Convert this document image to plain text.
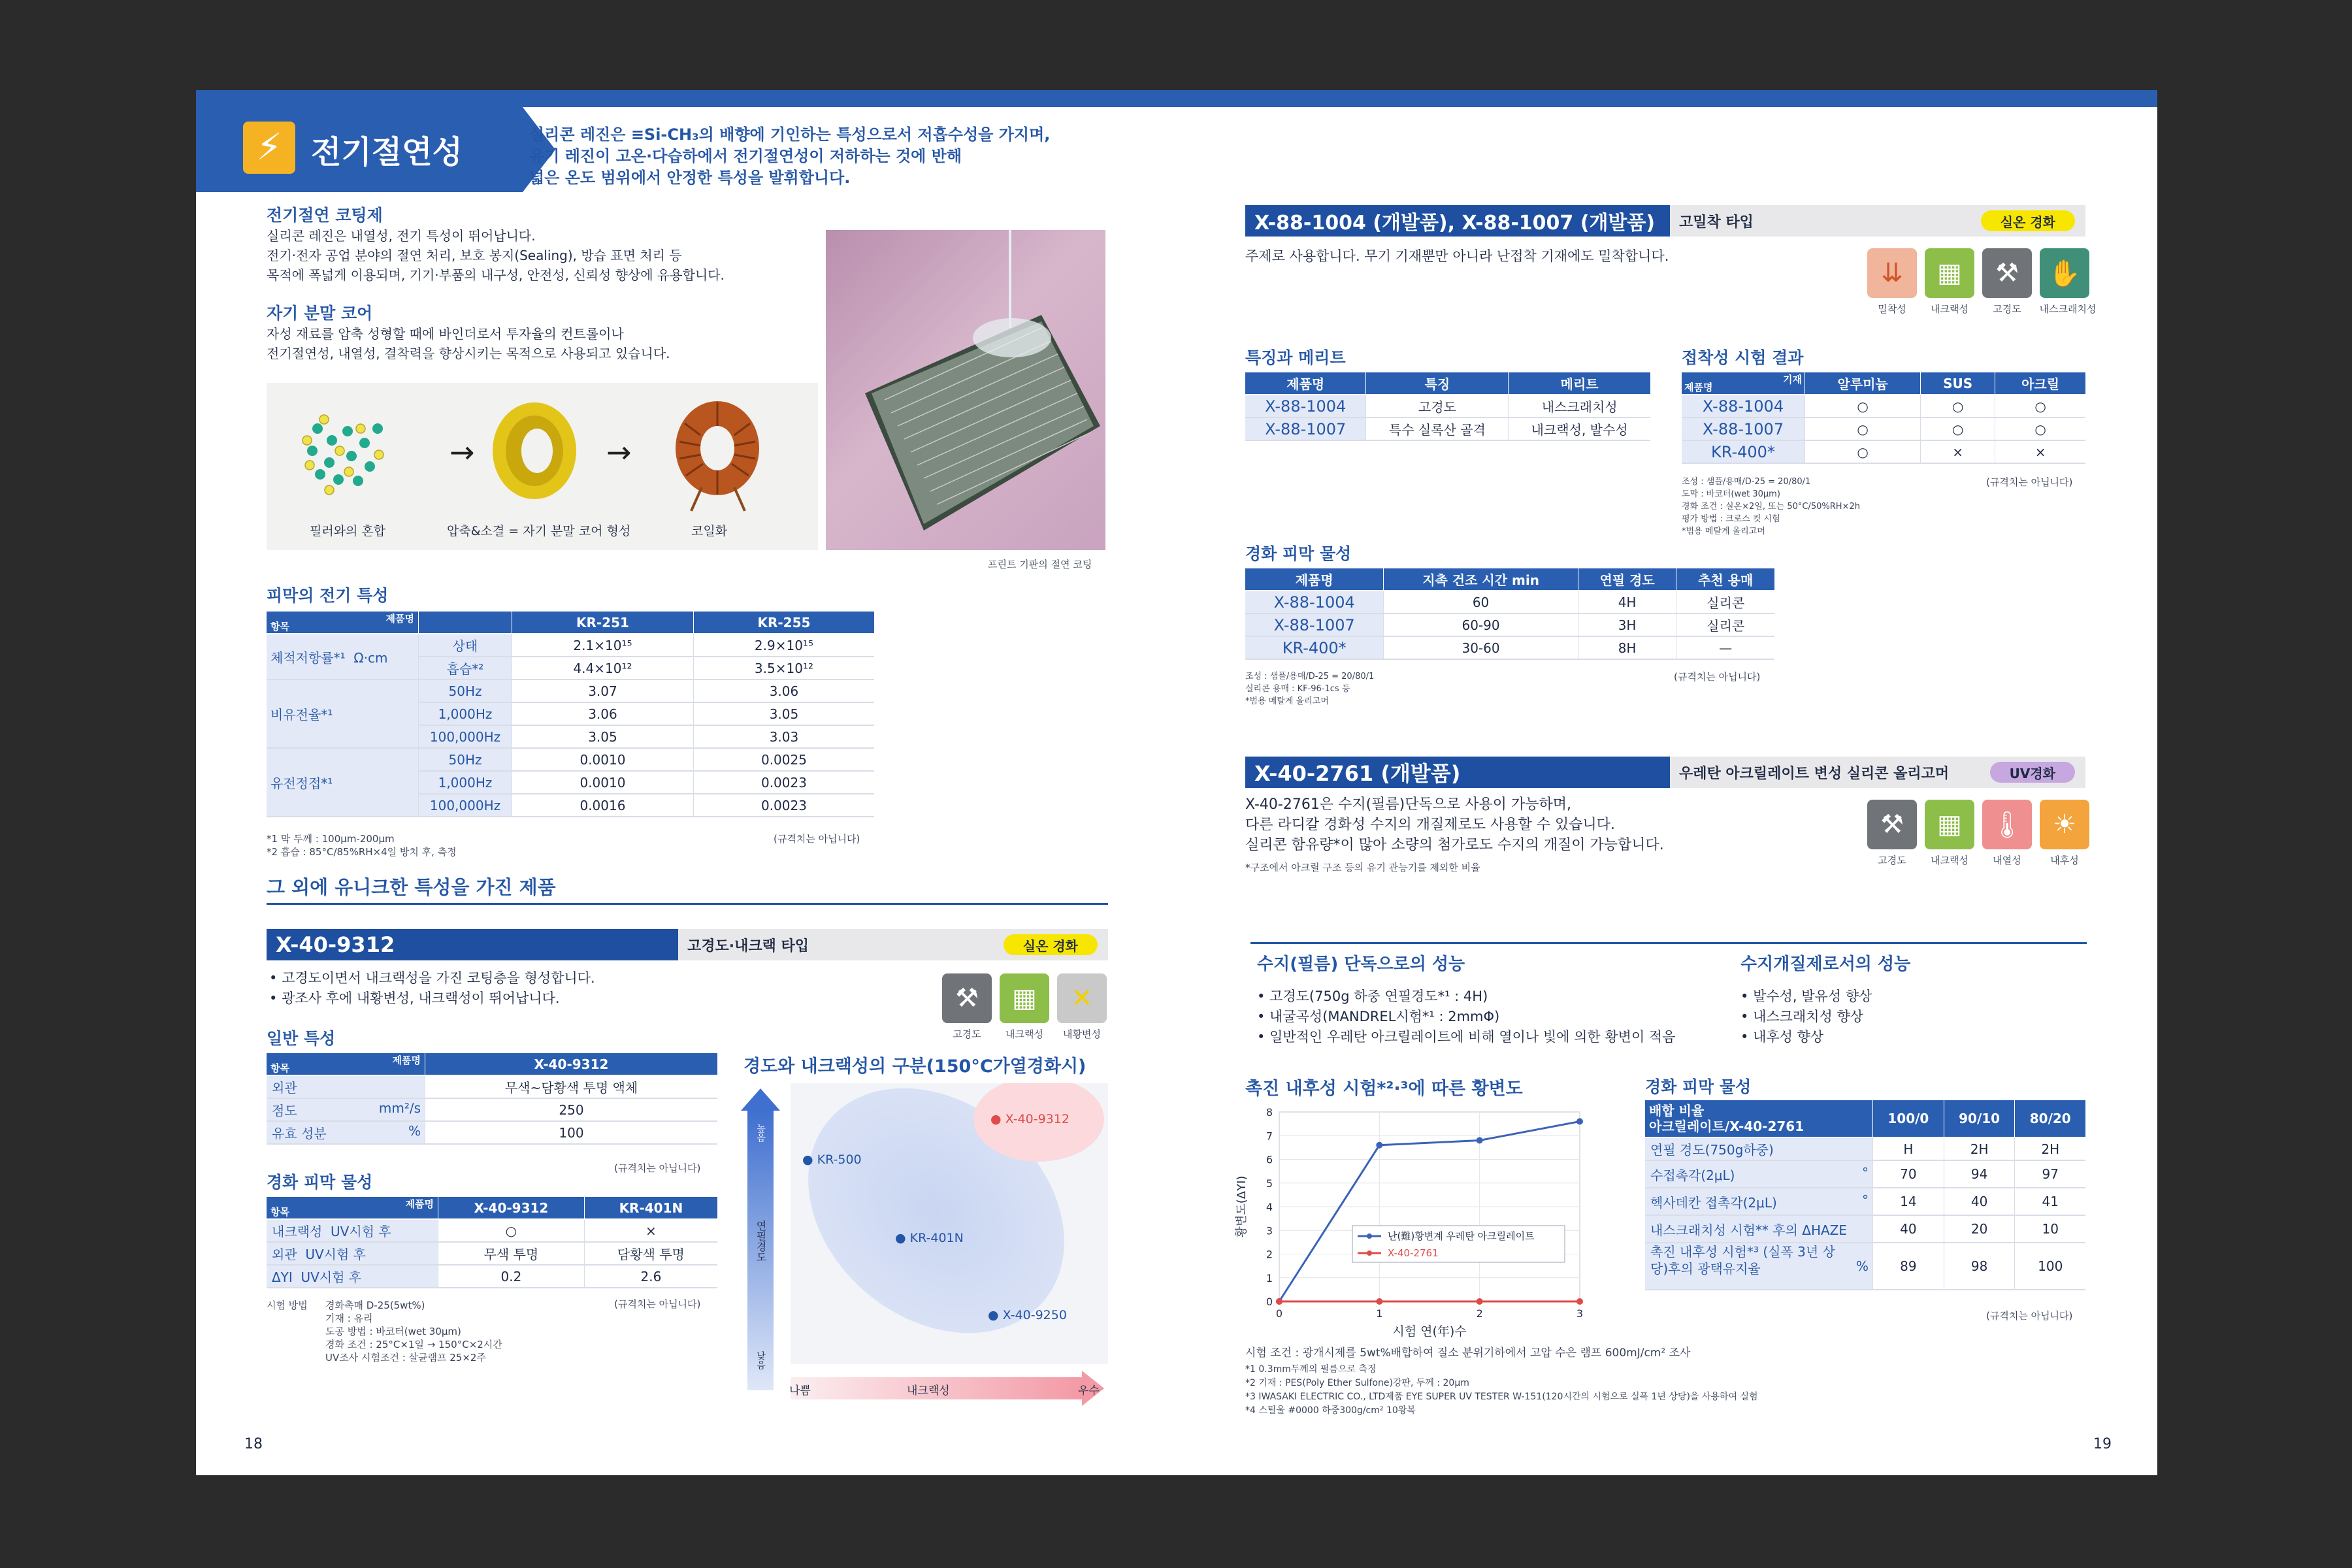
⚡ 전기절연성	실리콘 레진은 ≡Si-CH₃의 배향에 기인하는 특성으로서 저흡수성을 가지며,
유기 레진이 고온·다습하에서 전기절연성이 저하하는 것에 반해
넓은 온도 범위에서 안정한 특성을 발휘합니다.
전기절연 코팅제
실리콘 레진은 내열성, 전기 특성이 뛰어납니다.
전기·전자 공업 분야의 절연 처리, 보호 봉지(Sealing), 방습 표면 처리 등
목적에 폭넓게 이용되며, 기기·부품의 내구성, 안전성, 신뢰성 향상에 유용합니다.
자기 분말 코어
자성 재료를 압축 성형할 때에 바인더로서 투자율의 컨트롤이나
전기절연성, 내열성, 결착력을 향상시키는 목적으로 사용되고 있습니다.
→	→
필러와의 혼합	압축&소결 = 자기 분말 코어 형성	코일화
프린트 기판의 절연 코팅
피막의 전기 특성
항목
제품명		KR-251	KR-255
체적저항률*¹ Ω·cm	상태	2.1×10¹⁵	2.9×10¹⁵
	흡습*²	4.4×10¹²	3.5×10¹²
비유전율*¹	50Hz	3.07	3.06
	1,000Hz	3.06	3.05
	100,000Hz	3.05	3.03
유전정접*¹	50Hz	0.0010	0.0025
	1,000Hz	0.0010	0.0023
	100,000Hz	0.0016	0.0023
*1 막 두께 : 100μm-200μm
*2 흡습 : 85°C/85%RH×4일 방치 후, 측정
(규격치는 아닙니다)
그 외에 유니크한 특성을 가진 제품
X-40-9312	고경도·내크랙 타입	실온 경화
• 고경도이면서 내크랙성을 가진 코팅층을 형성합니다.
• 광조사 후에 내황변성, 내크랙성이 뛰어납니다.	⚒	▦	✕
고경도	내크랙성	내황변성
일반 특성
항목
제품명	X-40-9312
외관	무색~담황색 투명 액체
점도 mm²/s	250
유효 성분 %	100
(규격치는 아닙니다)
경화 피막 물성
항목
제품명	X-40-9312	KR-401N
내크랙성 UV시험 후	○	×
외관 UV시험 후	무색 투명	담황색 투명
ΔYI UV시험 후	0.2	2.6
(규격치는 아닙니다)
시험 방법 경화촉매 D-25(5wt%)
기재 : 유리
도공 방법 : 바코터(wet 30μm)
경화 조건 : 25°C×1일 → 150°C×2시간
UV조사 시험조건 : 살균램프 25×2주
경도와 내크랙성의 구분(150°C가열경화시)
높음
연필경도
낮음
● X-40-9312
● KR-500
● KR-401N
● X-40-9250
나쁨	내크랙성	우수
18
X-88-1004 (개발품), X-88-1007 (개발품)	고밀착 타입	실온 경화
주제로 사용합니다. 무기 기재뿐만 아니라 난접착 기재에도 밀착합니다.
⇊	▦	⚒	✋
밀착성	내크랙성	고경도	내스크래치성
특징과 메리트
제품명	특징	메리트
X-88-1004	고경도	내스크래치성
X-88-1007	특수 실록산 골격	내크랙성, 발수성
접착성 시험 결과
제품명
기재	알루미늄	SUS	아크릴
X-88-1004	○	○	○
X-88-1007	○	○	○
KR-400*	○	×	×
조성 : 샘플/용매/D-25 = 20/80/1
도막 : 바코터(wet 30μm)
경화 조건 : 실온×2일, 또는 50°C/50%RH×2h
평가 방법 : 크로스 컷 시험
*범용 메탈계 올리고머
(규격치는 아닙니다)
경화 피막 물성
제품명	지촉 건조 시간 min	연필 경도	추천 용매
X-88-1004	60	4H	실리콘
X-88-1007	60-90	3H	실리콘
KR-400*	30-60	8H	—
조성 : 샘플/용매/D-25 = 20/80/1
실리콘 용매 : KF-96-1cs 등
*범용 메탈계 올리고머
(규격치는 아닙니다)
X-40-2761 (개발품)	우레탄 아크릴레이트 변성 실리콘 올리고머	UV경화
X-40-2761은 수지(필름)단독으로 사용이 가능하며,
다른 라디칼 경화성 수지의 개질제로도 사용할 수 있습니다.
실리콘 함유량*이 많아 소량의 첨가로도 수지의 개질이 가능합니다.
*구조에서 아크릴 구조 등의 유기 관능기를 제외한 비율
⚒	▦	🌡	☀
고경도	내크랙성	내열성	내후성
수지(필름) 단독으로의 성능
• 고경도(750g 하중 연필경도*¹ : 4H)
• 내굴곡성(MANDREL시험*¹ : 2mmΦ)
• 일반적인 우레탄 아크릴레이트에 비해 열이나 빛에 의한 황변이 적음
수지개질제로서의 성능
• 발수성, 발유성 향상
• 내스크래치성 향상
• 내후성 향상
촉진 내후성 시험*²·³에 따른 황변도
0
1
2
3
4
5
6
7
8
0	1	2	3
시험 연(年)수
황변도(ΔYI)	난(難)황변계 우레탄 아크릴레이트
X-40-2761
경화 피막 물성
배합 비율
아크릴레이트/X-40-2761	100/0	90/10	80/20
연필 경도(750g하중)	H	2H	2H
수접촉각(2μL) °	70	94	97
헥사데칸 접촉각(2μL) °	14	40	41
내스크래치성 시험** 후의 ΔHAZE	40	20	10

%
촉진 내후성 시험*³ (실폭 3년 상당)후의 광택유지율	89	98	100
(규격치는 아닙니다)
시험 조건 : 광개시제를 5wt%배합하여 질소 분위기하에서 고압 수은 램프 600mJ/cm² 조사
*1 0.3mm두께의 필름으로 측정
*2 기재 : PES(Poly Ether Sulfone)강판, 두께 : 20μm
*3 IWASAKI ELECTRIC CO., LTD제품 EYE SUPER UV TESTER W-151(120시간의 시험으로 실폭 1년 상당)을 사용하여 실험
*4 스틸울 #0000 하중300g/cm² 10왕복
19
